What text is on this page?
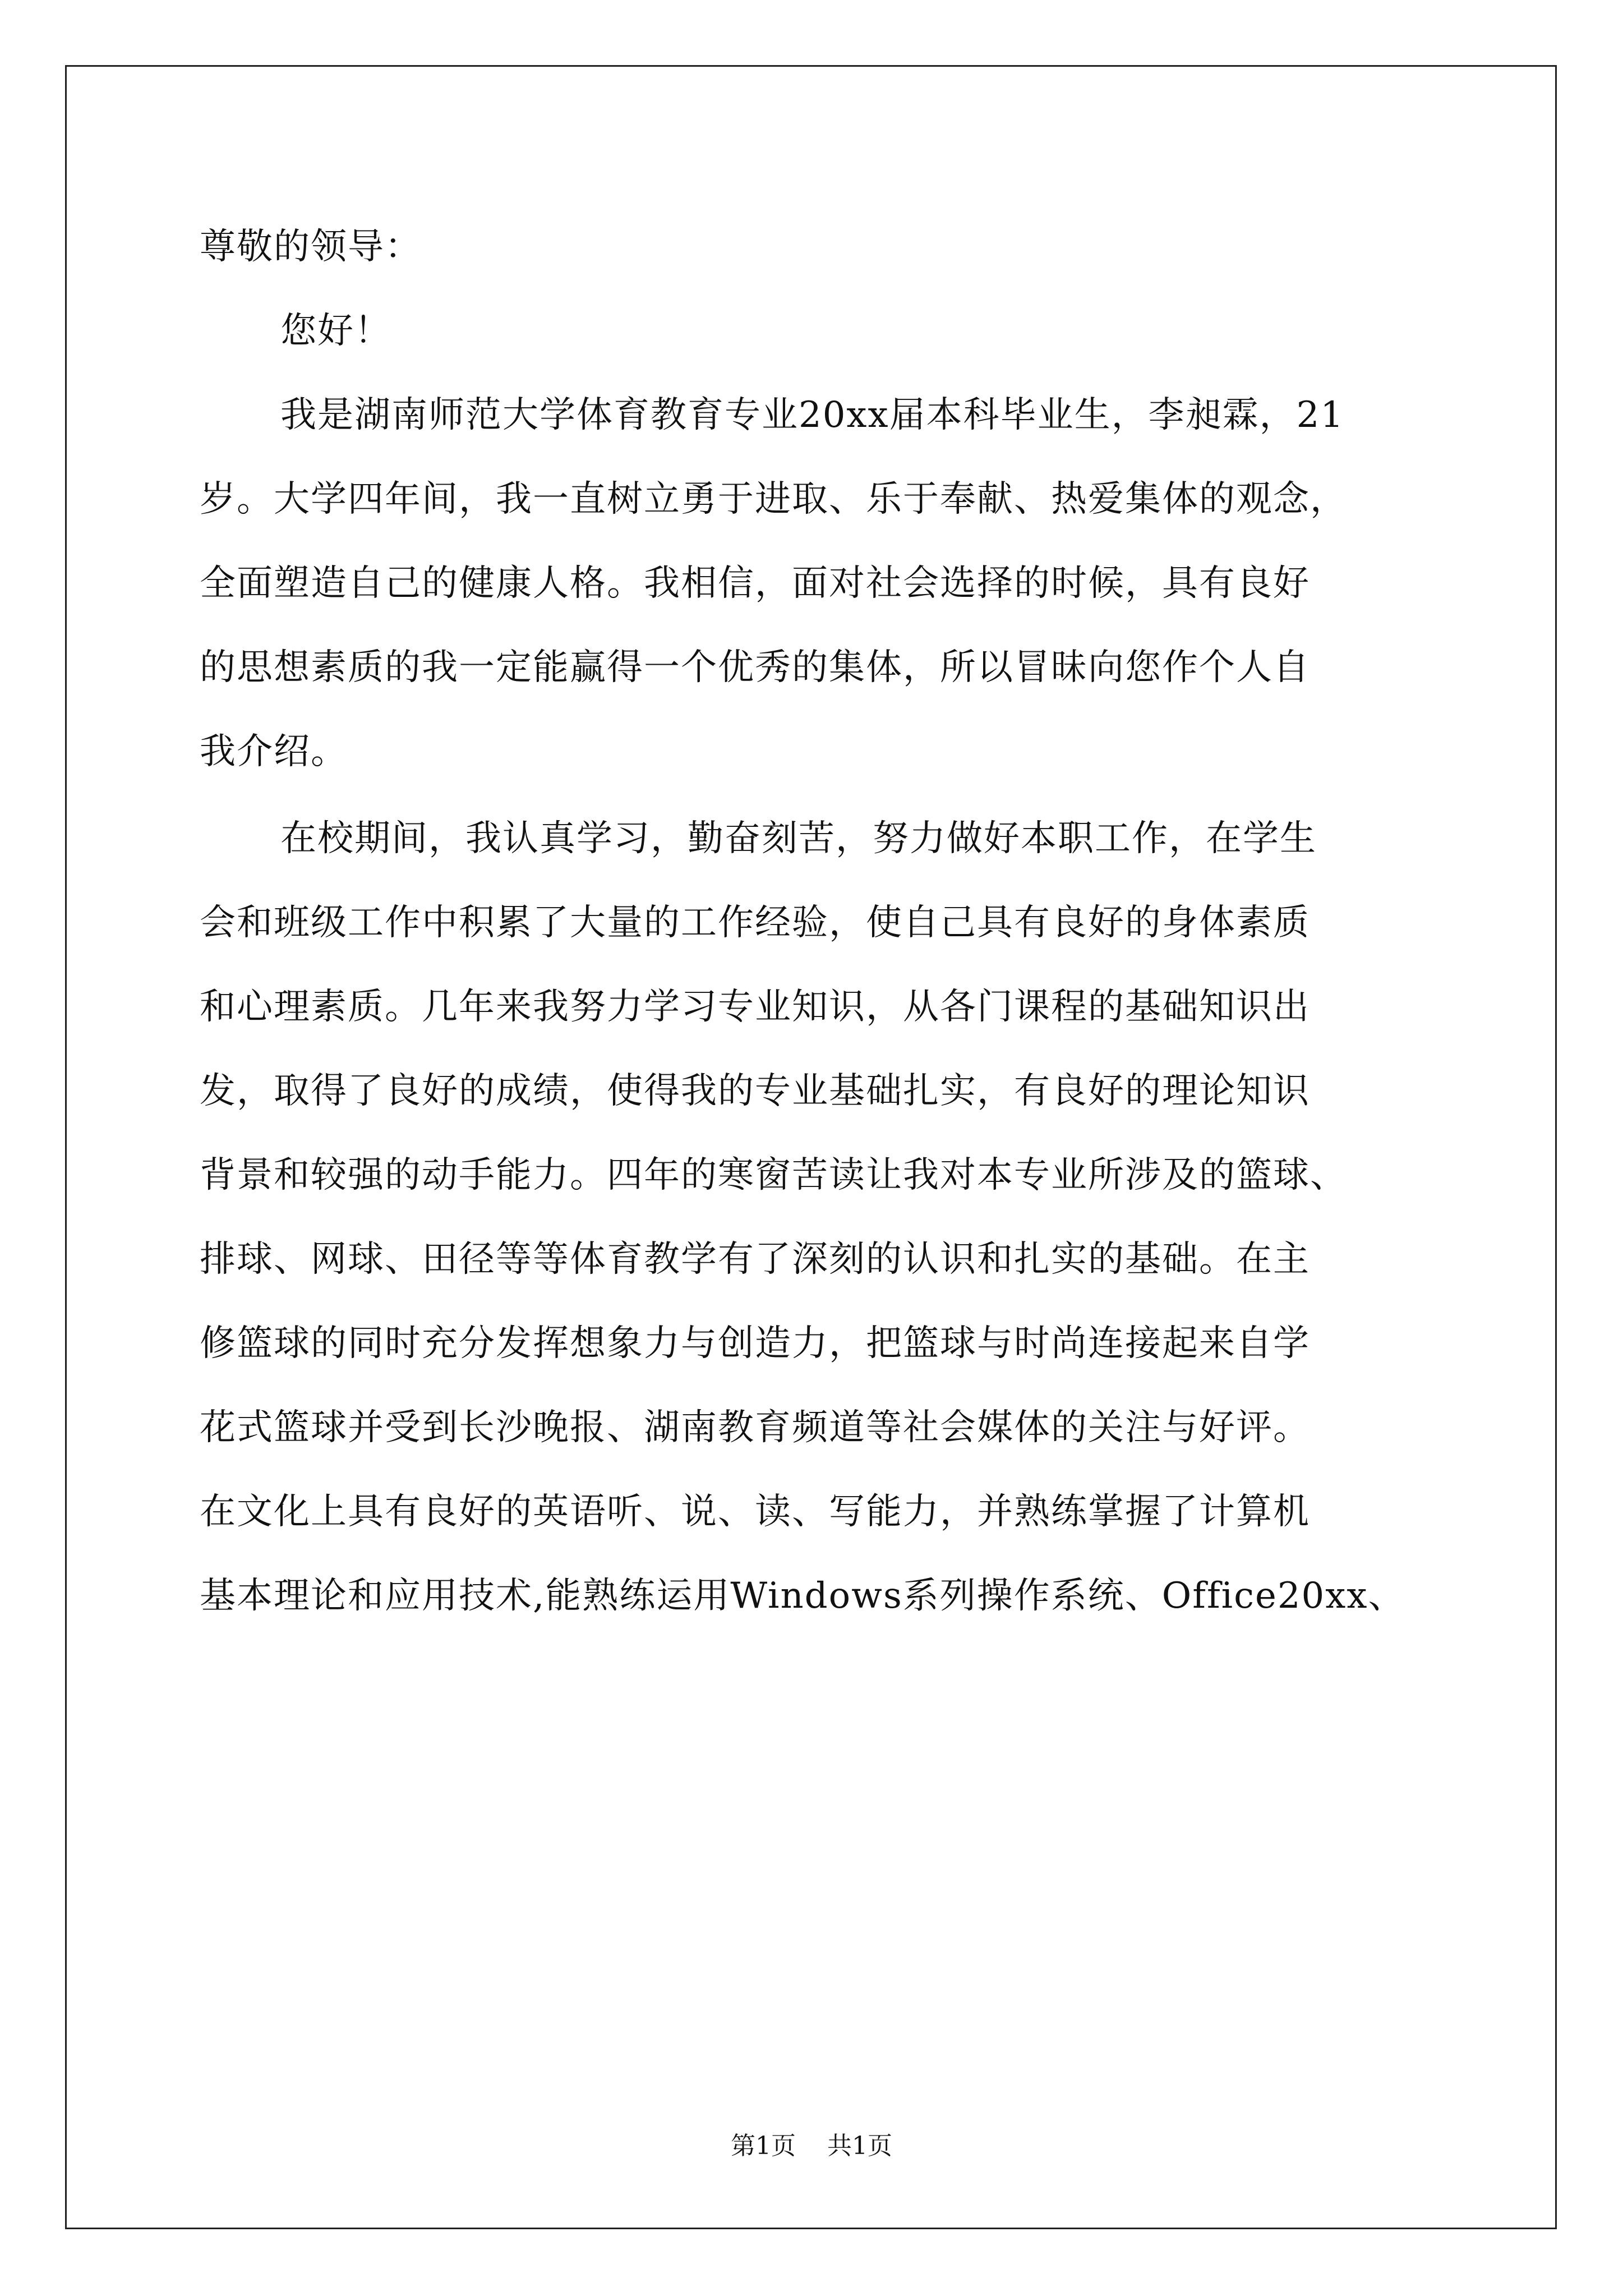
尊敬的领导：
您好！
我是湖南师范大学体育教育专业20xx届本科毕业生，李昶霖，21
岁。大学四年间，我一直树立勇于进取、乐于奉献、热爱集体的观念，
全面塑造自己的健康人格。我相信，面对社会选择的时候，具有良好
的思想素质的我一定能赢得一个优秀的集体，所以冒昧向您作个人自
我介绍。
在校期间，我认真学习，勤奋刻苦，努力做好本职工作，在学生
会和班级工作中积累了大量的工作经验，使自己具有良好的身体素质
和心理素质。几年来我努力学习专业知识，从各门课程的基础知识出
发，取得了良好的成绩，使得我的专业基础扎实，有良好的理论知识
背景和较强的动手能力。四年的寒窗苦读让我对本专业所涉及的篮球、
排球、网球、田径等等体育教学有了深刻的认识和扎实的基础。在主
修篮球的同时充分发挥想象力与创造力，把篮球与时尚连接起来自学
花式篮球并受到长沙晚报、湖南教育频道等社会媒体的关注与好评。
在文化上具有良好的英语听、说、读、写能力，并熟练掌握了计算机
基本理论和应用技术,能熟练运用Windows系列操作系统、Office20xx、
第1页 共1页
